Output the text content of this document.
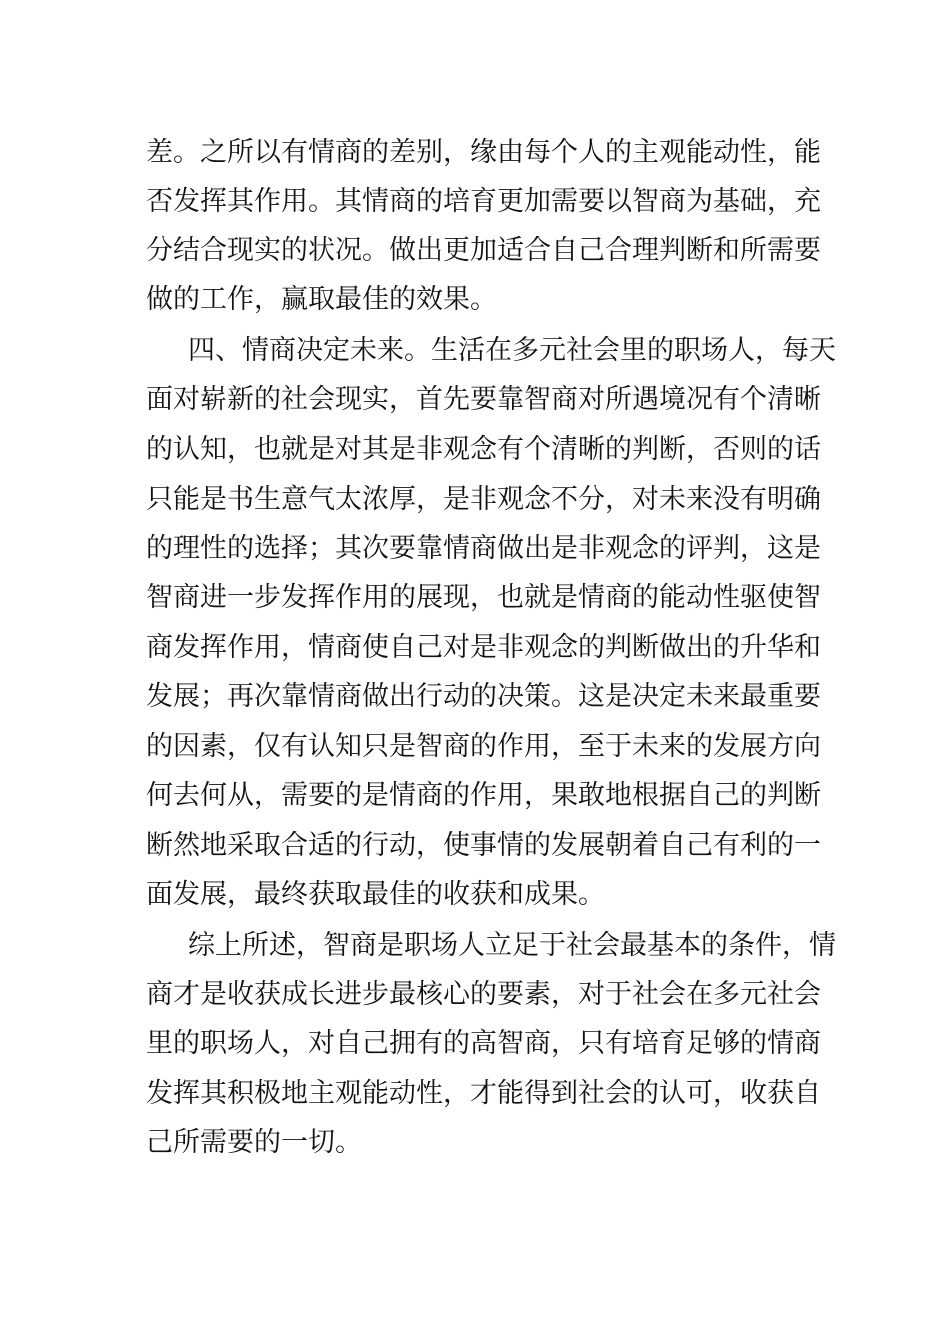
差。之所以有情商的差别，缘由每个人的主观能动性，能

否发挥其作用。其情商的培育更加需要以智商为基础，充

分结合现实的状况。做出更加适合自己合理判断和所需要

做的工作，赢取最佳的效果。

四、情商决定未来。生活在多元社会里的职场人，每天

面对崭新的社会现实，首先要靠智商对所遇境况有个清晰

的认知，也就是对其是非观念有个清晰的判断，否则的话

只能是书生意气太浓厚，是非观念不分，对未来没有明确

的理性的选择；其次要靠情商做出是非观念的评判，这是

智商进一步发挥作用的展现，也就是情商的能动性驱使智

商发挥作用，情商使自己对是非观念的判断做出的升华和

发展；再次靠情商做出行动的决策。这是决定未来最重要

的因素，仅有认知只是智商的作用，至于未来的发展方向

何去何从，需要的是情商的作用，果敢地根据自己的判断

断然地采取合适的行动，使事情的发展朝着自己有利的一

面发展，最终获取最佳的收获和成果。

综上所述，智商是职场人立足于社会最基本的条件，情

商才是收获成长进步最核心的要素，对于社会在多元社会

里的职场人，对自己拥有的高智商，只有培育足够的情商

发挥其积极地主观能动性，才能得到社会的认可，收获自

己所需要的一切。
